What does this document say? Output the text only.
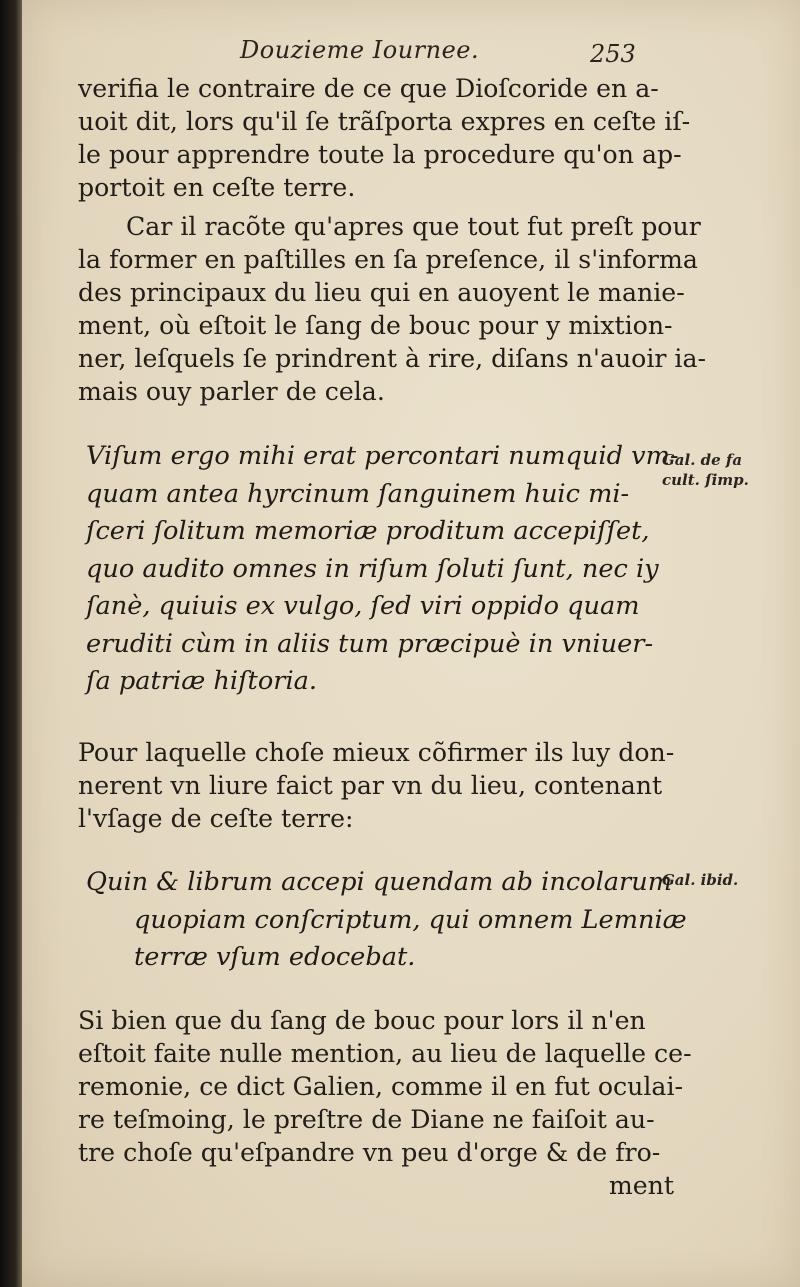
Douzieme Iournee.	253
verifia le contraire de ce que Dioſcoride en a-
uoit dit, lors qu'il ſe trãſporta expres en ceſte iſ-
le pour apprendre toute la procedure qu'on ap-
portoit en ceſte terre.
Car il racõte qu'apres que tout fut preſt pour
la former en paſtilles en ſa preſence, il s'informa
des principaux du lieu qui en auoyent le manie-
ment, où eſtoit le ſang de bouc pour y mixtion-
ner, leſquels ſe prindrent à rire, diſans n'auoir ia-
mais ouy parler de cela.
Viſum ergo mihi erat percontari numquid vm-
quam antea hyrcinum ſanguinem huic mi-
ſceri ſolitum memoriæ proditum accepiſſet,
quo audito omnes in riſum ſoluti ſunt, nec iy
ſanè, quiuis ex vulgo, ſed viri oppido quam
eruditi cùm in aliis tum præcipuè in vniuer-
ſa patriæ hiſtoria.
Gal. de fa
cult. ſimp.
Pour laquelle choſe mieux cõfirmer ils luy don-
nerent vn liure faict par vn du lieu, contenant
l'vſage de ceſte terre:
Quin & librum accepi quendam ab incolarum
quopiam conſcriptum, qui omnem Lemniæ
terræ vſum edocebat.
Gal. ibid.
Si bien que du ſang de bouc pour lors il n'en
eſtoit faite nulle mention, au lieu de laquelle ce-
remonie, ce dict Galien, comme il en fut oculai-
re teſmoing, le preſtre de Diane ne faiſoit au-
tre choſe qu'eſpandre vn peu d'orge & de fro-
ment
